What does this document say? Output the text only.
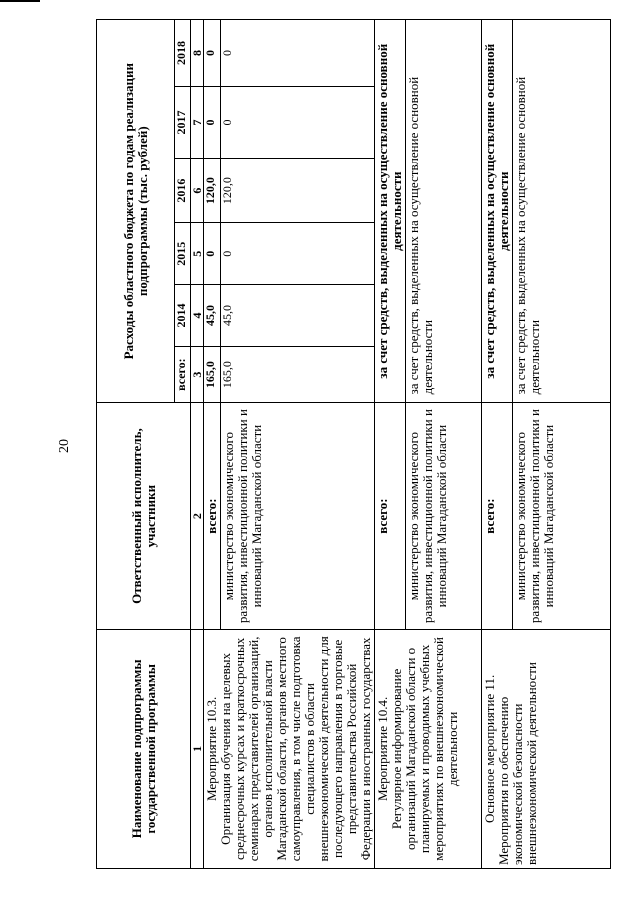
20
Наименование подпрограммы государственной программы	Ответственный исполнитель, участники	Расходы областного бюджета по годам реализации подпрограммы (тыс. рублей)					
		всего:	2014	2015	2016	2017	2018
1	2	3	4	5	6	7	8

Мероприятие 10.3. Организация обучения на целевых среднесрочных курсах и краткосрочных семинарах представителей организаций, органов исполнительной власти Магаданской области, органов местного самоуправления, в том числе подготовка специалистов в области внешнеэкономической деятельности для последующего направления в торговые представительства Российской Федерации в иностранных государствах	всего:	165,0	45,0	0	120,0	0	0
	министерство экономического развития, инвестиционной политики и инноваций Магаданской области	165,0	45,0	0	120,0	0	0

Мероприятие 10.4. Регулярное информирование организаций Магаданской области о планируемых и проводимых учебных мероприятиях по внешнеэкономической деятельности	всего:	за счет средств, выделенных на осуществление основной деятельности					
	министерство экономического развития, инвестиционной политики и инноваций Магаданской области	за счет средств, выделенных на осуществление основной деятельности					

Основное мероприятие 11. Мероприятия по обеспечению экономической безопасности внешнеэкономической деятельности	всего:	за счет средств, выделенных на осуществление основной деятельности					
	министерство экономического развития, инвестиционной политики и инноваций Магаданской области	за счет средств, выделенных на осуществление основной деятельности					
